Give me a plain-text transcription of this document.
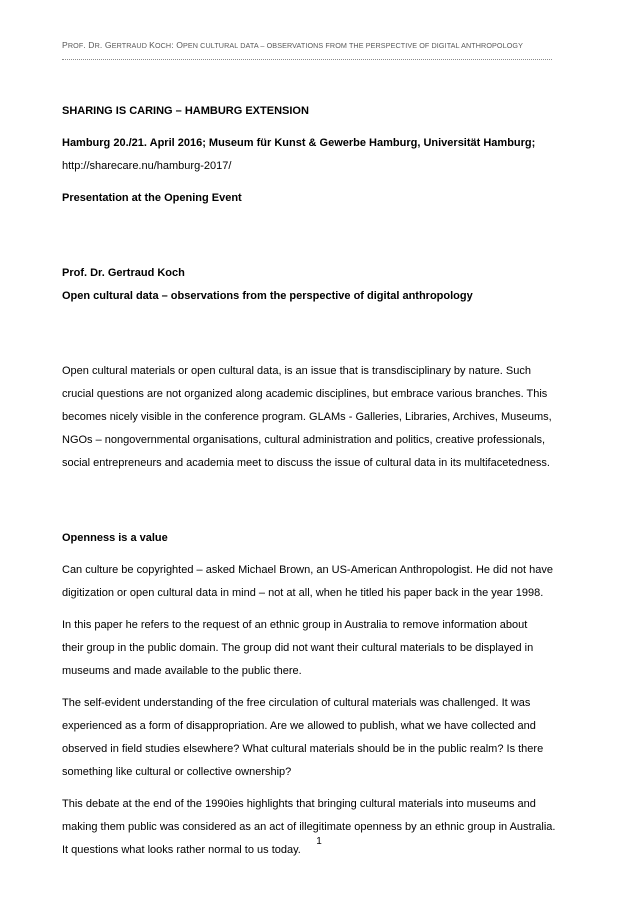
PROF. DR. GERTRAUD KOCH: OPEN CULTURAL DATA – OBSERVATIONS FROM THE PERSPECTIVE OF DIGITAL ANTHROPOLOGY

SHARING IS CARING – HAMBURG EXTENSION

Hamburg 20./21. April 2016; Museum für Kunst & Gewerbe Hamburg, Universität Hamburg;

http://sharecare.nu/hamburg-2017/

Presentation at the Opening Event

Prof. Dr. Gertraud Koch

Open cultural data – observations from the perspective of digital anthropology

Open cultural materials or open cultural data, is an issue that is transdisciplinary by nature. Such

crucial questions are not organized along academic disciplines, but embrace various branches. This

becomes nicely visible in the conference program. GLAMs - Galleries, Libraries, Archives, Museums,

NGOs – nongovernmental organisations, cultural administration and politics, creative professionals,

social entrepreneurs and academia meet to discuss the issue of cultural data in its multifacetedness.

Openness is a value

Can culture be copyrighted – asked Michael Brown, an US-American Anthropologist. He did not have

digitization or open cultural data in mind – not at all, when he titled his paper back in the year 1998.

In this paper he refers to the request of an ethnic group in Australia to remove information about

their group in the public domain. The group did not want their cultural materials to be displayed in

museums and made available to the public there.

The self-evident understanding of the free circulation of cultural materials was challenged. It was

experienced as a form of disappropriation. Are we allowed to publish, what we have collected and

observed in field studies elsewhere? What cultural materials should be in the public realm? Is there

something like cultural or collective ownership?

This debate at the end of the 1990ies highlights that bringing cultural materials into museums and

making them public was considered as an act of illegitimate openness by an ethnic group in Australia.

It questions what looks rather normal to us today.

1
